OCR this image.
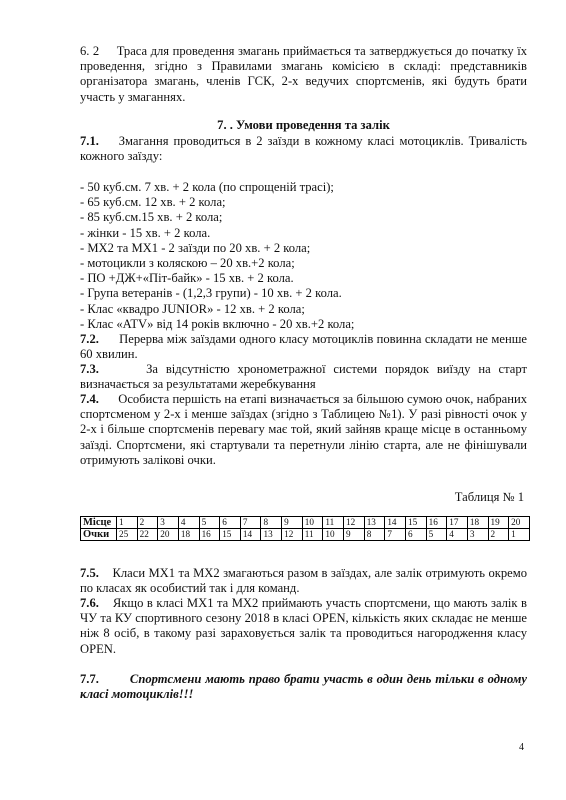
6. 2 Траса для проведення змагань приймається та затверджується до початку їх проведення, згідно з Правилами змагань комісією в складі: представників організатора змагань, членів ГСК, 2-х ведучих спортсменів, які будуть брати участь у змаганнях.

7. . Умови проведення та залік

7.1. Змагання проводиться в 2 заїзди в кожному класі мотоциклів. Тривалість кожного заїзду:

- 50 куб.см. 7 хв. + 2 кола (по спрощеній трасі);

- 65 куб.см. 12 хв. + 2 кола;

- 85 куб.см.15 хв. + 2 кола;

- жінки - 15 хв. + 2 кола.

- МХ2 та МХ1 - 2 заїзди по 20 хв. + 2 кола;

- мотоцикли з коляскою – 20 хв.+2 кола;

- ПО +ДЖ+«Піт-байк» - 15 хв. + 2 кола.

- Група ветеранів - (1,2,3 групи) - 10 хв. + 2 кола.

- Клас «квадро JUNIOR» - 12 хв. + 2 кола;

- Клас «ATV» від 14 років включно - 20 хв.+2 кола;

7.2. Перерва між заїздами одного класу мотоциклів повинна складати не менше 60 хвилин.

7.3.	За відсутністю хронометражної системи порядок виїзду на старт визначається за результатами жеребкування

7.4. Особиста першість на етапі визначається за більшою сумою очок, набраних спортсменом у 2-х і менше заїздах (згідно з Таблицею №1). У разі рівності очок у 2-х і більше спортсменів перевагу має той, який зайняв краще місце в останньому заїзді. Спортсмени, які стартували та перетнули лінію старта, але не фінішували отримують залікові очки.

Таблиця № 1
Місце	1	2	3	4	5	6	7	8	9	10	11	12	13	14	15	16	17	18	19	20
Очки	25	22	20	18	16	15	14	13	12	11	10	9	8	7	6	5	4	3	2	1

7.5. Класи МХ1 та МХ2 змагаються разом в заїздах, але залік отримують окремо по класах як особистий так і для команд.

7.6. Якщо в класі МХ1 та МХ2 приймають участь спортсмени, що мають залік в ЧУ та КУ спортивного сезону 2018 в класі OPEN, кількість яких складає не менше ніж 8 осіб, в такому разі зараховується залік та проводиться нагородження класу OPEN.

7.7. Спортсмени мають право брати участь в один день тільки в одному класі мотоциклів!!!

4
